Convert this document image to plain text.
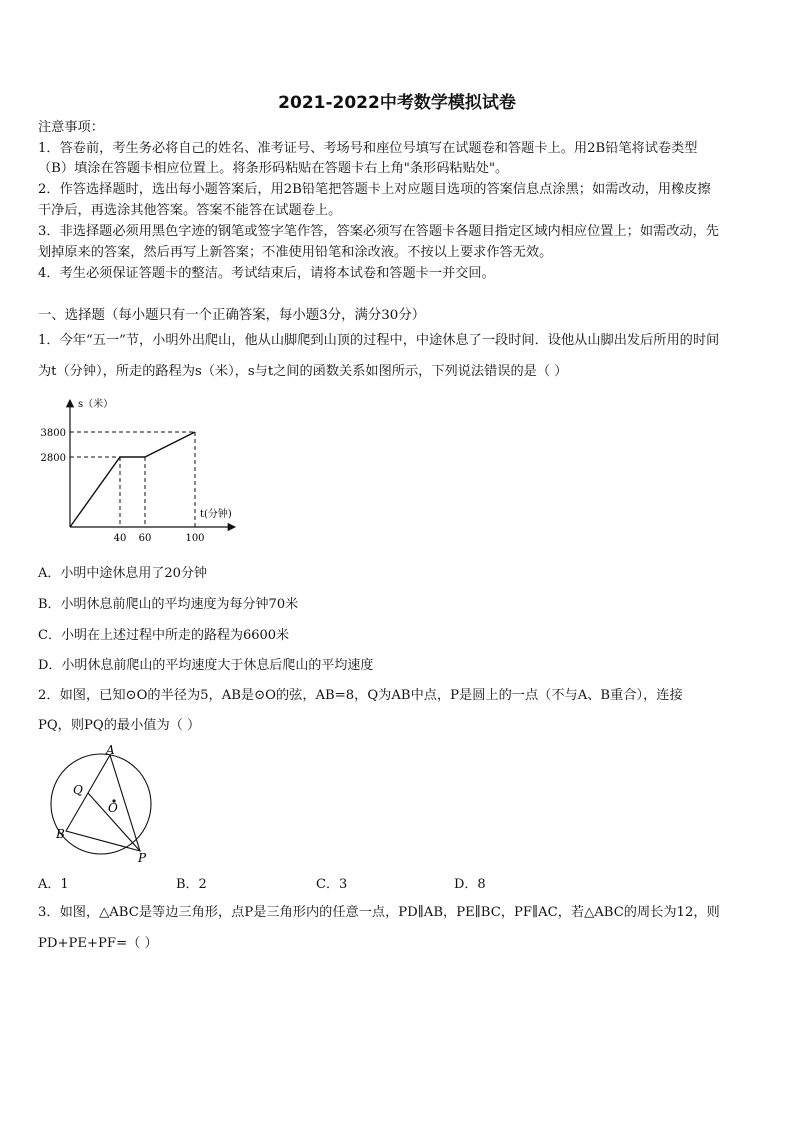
2021-2022中考数学模拟试卷
注意事项：
1．答卷前，考生务必将自己的姓名、准考证号、考场号和座位号填写在试题卷和答题卡上。用2B铅笔将试卷类型
（B）填涂在答题卡相应位置上。将条形码粘贴在答题卡右上角"条形码粘贴处"。
2．作答选择题时，选出每小题答案后，用2B铅笔把答题卡上对应题目选项的答案信息点涂黑；如需改动，用橡皮擦
干净后，再选涂其他答案。答案不能答在试题卷上。
3．非选择题必须用黑色字迹的钢笔或签字笔作答，答案必须写在答题卡各题目指定区域内相应位置上；如需改动，先
划掉原来的答案，然后再写上新答案；不准使用铅笔和涂改液。不按以上要求作答无效。
4．考生必须保证答题卡的整洁。考试结束后，请将本试卷和答题卡一并交回。
一、选择题（每小题只有一个正确答案，每小题3分，满分30分）
1．今年“五一”节，小明外出爬山，他从山脚爬到山顶的过程中，中途休息了一段时间．设他从山脚出发后所用的时间
为t（分钟），所走的路程为s（米），s与t之间的函数关系如图所示，下列说法错误的是（ ）
s（米）
t(分钟)
3800
2800
40 60	100
A．小明中途休息用了20分钟
B．小明休息前爬山的平均速度为每分钟70米
C．小明在上述过程中所走的路程为6600米
D．小明休息前爬山的平均速度大于休息后爬山的平均速度
2．如图，已知⊙O的半径为5，AB是⊙O的弦，AB=8，Q为AB中点，P是圆上的一点（不与A、B重合），连接
PQ，则PQ的最小值为（ ）
A
Q
O
B
P
A．1	B．2	C．3	D．8
3．如图，△ABC是等边三角形，点P是三角形内的任意一点，PD∥AB，PE∥BC，PF∥AC，若△ABC的周长为12，则
PD+PE+PF=（ ）
